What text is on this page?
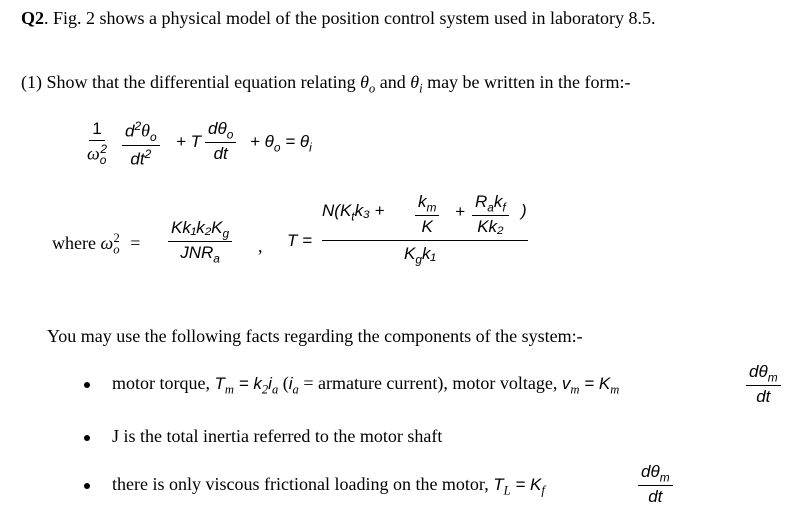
Q2. Fig. 2 shows a physical model of the position control system used in laboratory 8.5.
(1) Show that the differential equation relating $\theta_o$ and $\theta_i$ may be written in the form:-
$\frac{1}{\omega_o^2} \frac{d^2\theta_o}{dt^2} + T$
$d\theta_o$
dt
+ $\theta_o = \theta_i$
where $\omega_o^2$ =
$Kk_1k_2K_g$
$JNR_a$
, T =
$N(K_tk_3 + \frac{k_m}{K}$ +
$R_ak_f$
Kk₂
)
$K_gk_1$
You may use the following facts regarding the components of the system:-
motor torque, $T_m = k_2i_a$ ($i_a$ = armature current), motor voltage, $v_m = K_m$
$d\theta_m$
dt
J is the total inertia referred to the motor shaft
there is only viscous frictional loading on the motor, $T_L = K_f$
$d\theta_m$
dt
